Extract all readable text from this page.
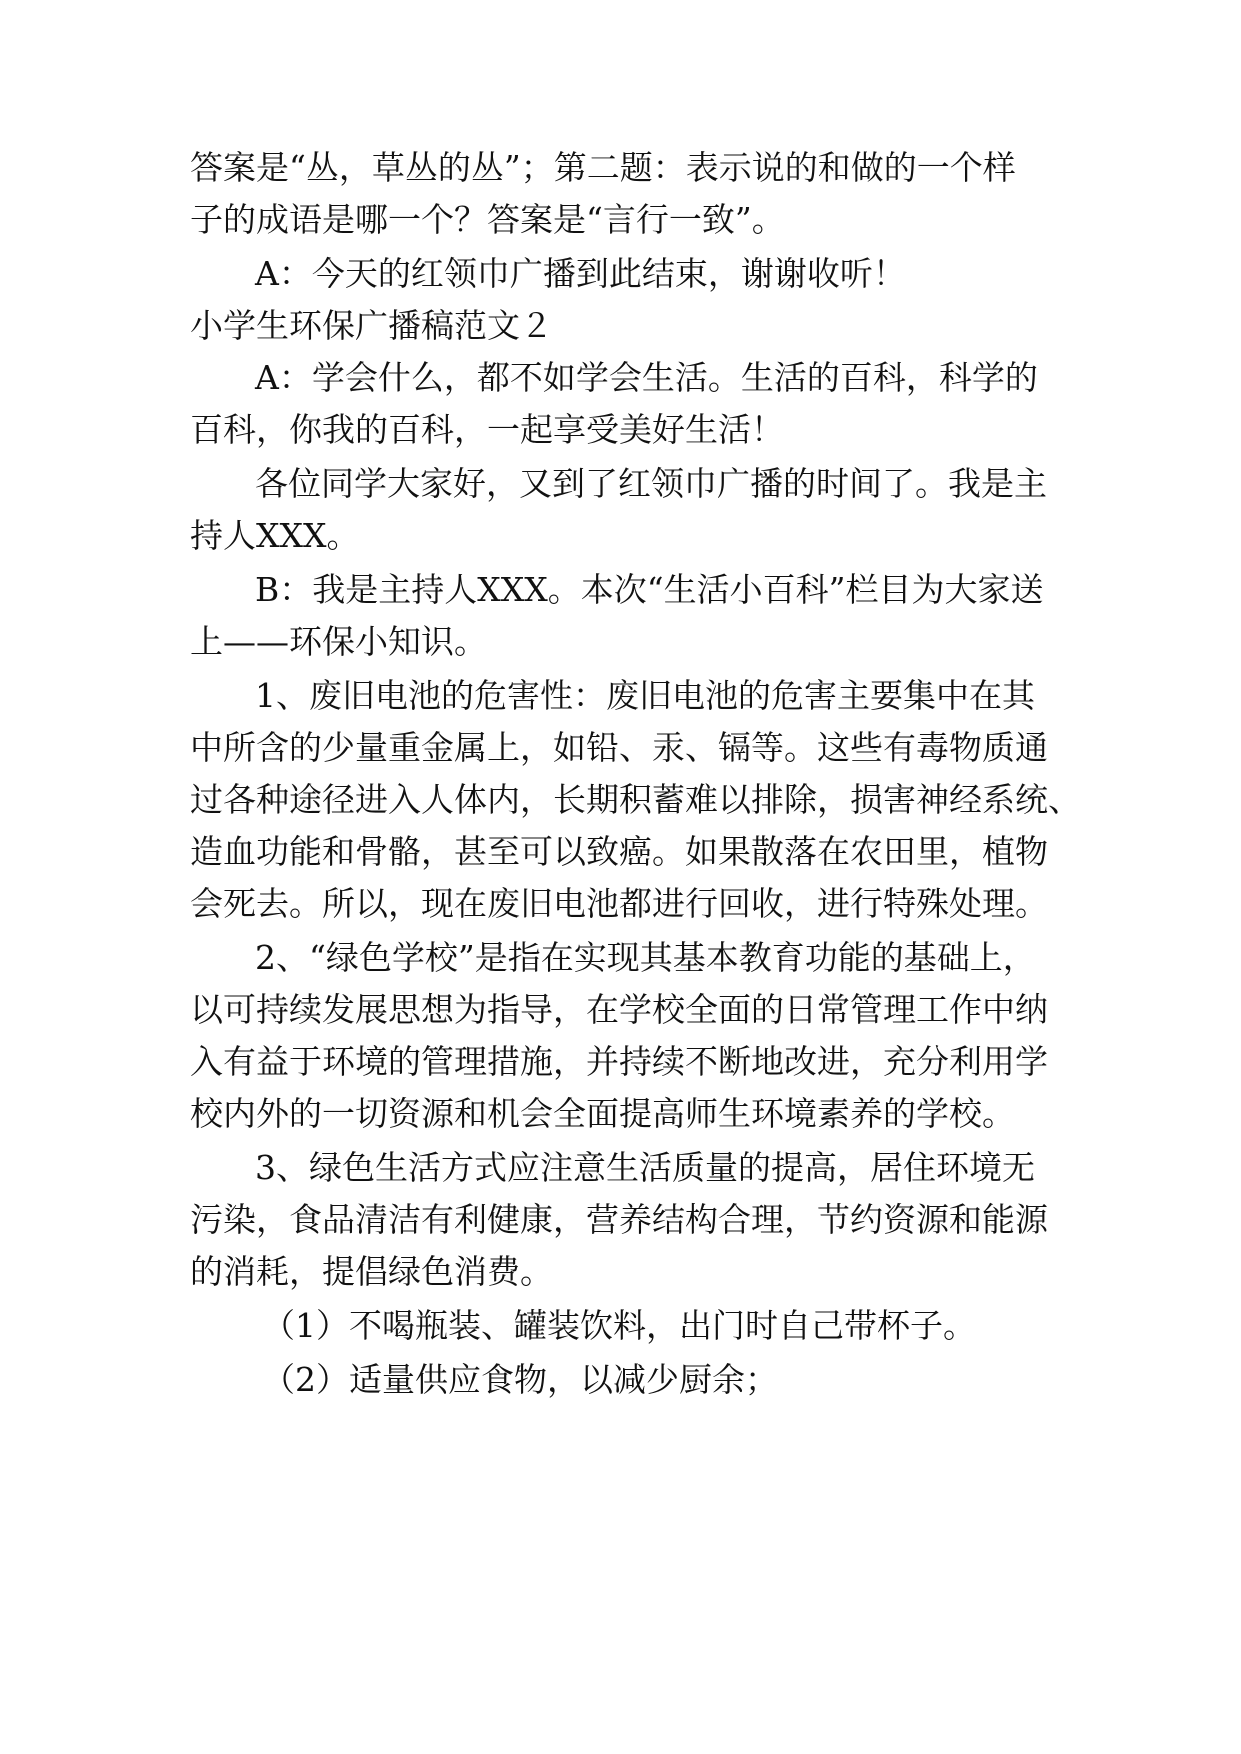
答案是“丛，草丛的丛”；第二题：表示说的和做的一个样

子的成语是哪一个？答案是“言行一致”。

A：今天的红领巾广播到此结束，谢谢收听！

小学生环保广播稿范文２

A：学会什么，都不如学会生活。生活的百科，科学的

百科，你我的百科，一起享受美好生活！

各位同学大家好，又到了红领巾广播的时间了。我是主

持人XXX。

B：我是主持人XXX。本次“生活小百科”栏目为大家送

上——环保小知识。

1、废旧电池的危害性：废旧电池的危害主要集中在其

中所含的少量重金属上，如铅、汞、镉等。这些有毒物质通

过各种途径进入人体内，长期积蓄难以排除，损害神经系统、

造血功能和骨骼，甚至可以致癌。如果散落在农田里，植物

会死去。所以，现在废旧电池都进行回收，进行特殊处理。

2、“绿色学校”是指在实现其基本教育功能的基础上，

以可持续发展思想为指导，在学校全面的日常管理工作中纳

入有益于环境的管理措施，并持续不断地改进，充分利用学

校内外的一切资源和机会全面提高师生环境素养的学校。

3、绿色生活方式应注意生活质量的提高，居住环境无

污染，食品清洁有利健康，营养结构合理，节约资源和能源

的消耗，提倡绿色消费。

（1）不喝瓶装、罐装饮料，出门时自己带杯子。

（2）适量供应食物，以减少厨余；
